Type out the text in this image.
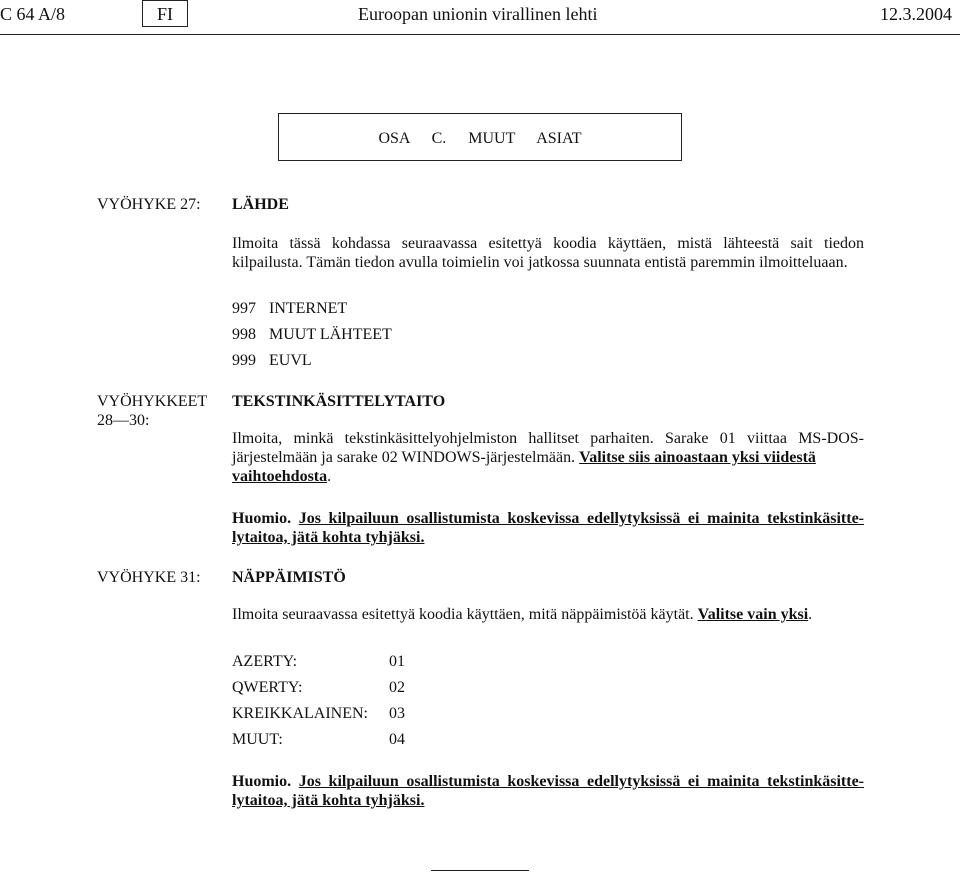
C 64 A/8	FI	Euroopan unionin virallinen lehti	12.3.2004
OSA C. MUUT ASIAT
VYÖHYKE 27: LÄHDE
Ilmoita tässä kohdassa seuraavassa esitettyä koodia käyttäen, mistä lähteestä sait tiedon
kilpailusta. Tämän tiedon avulla toimielin voi jatkossa suunnata entistä paremmin ilmoitteluaan.
997 INTERNET
998 MUUT LÄHTEET
999 EUVL
VYÖHYKKEET
28—30:
TEKSTINKÄSITTELYTAITO
Ilmoita, minkä tekstinkäsittelyohjelmiston hallitset parhaiten. Sarake 01 viittaa MS-DOS-
järjestelmään ja sarake 02 WINDOWS-järjestelmään. Valitse siis ainoastaan yksi viidestä
vaihtoehdosta.
Huomio. Jos kilpailuun osallistumista koskevissa edellytyksissä ei mainita tekstinkäsitte-
lytaitoa, jätä kohta tyhjäksi.
VYÖHYKE 31: NÄPPÄIMISTÖ
Ilmoita seuraavassa esitettyä koodia käyttäen, mitä näppäimistöä käytät. Valitse vain yksi.
AZERTY:	01
QWERTY:	02
KREIKKALAINEN: 03
MUUT:	04
Huomio. Jos kilpailuun osallistumista koskevissa edellytyksissä ei mainita tekstinkäsitte-
lytaitoa, jätä kohta tyhjäksi.
